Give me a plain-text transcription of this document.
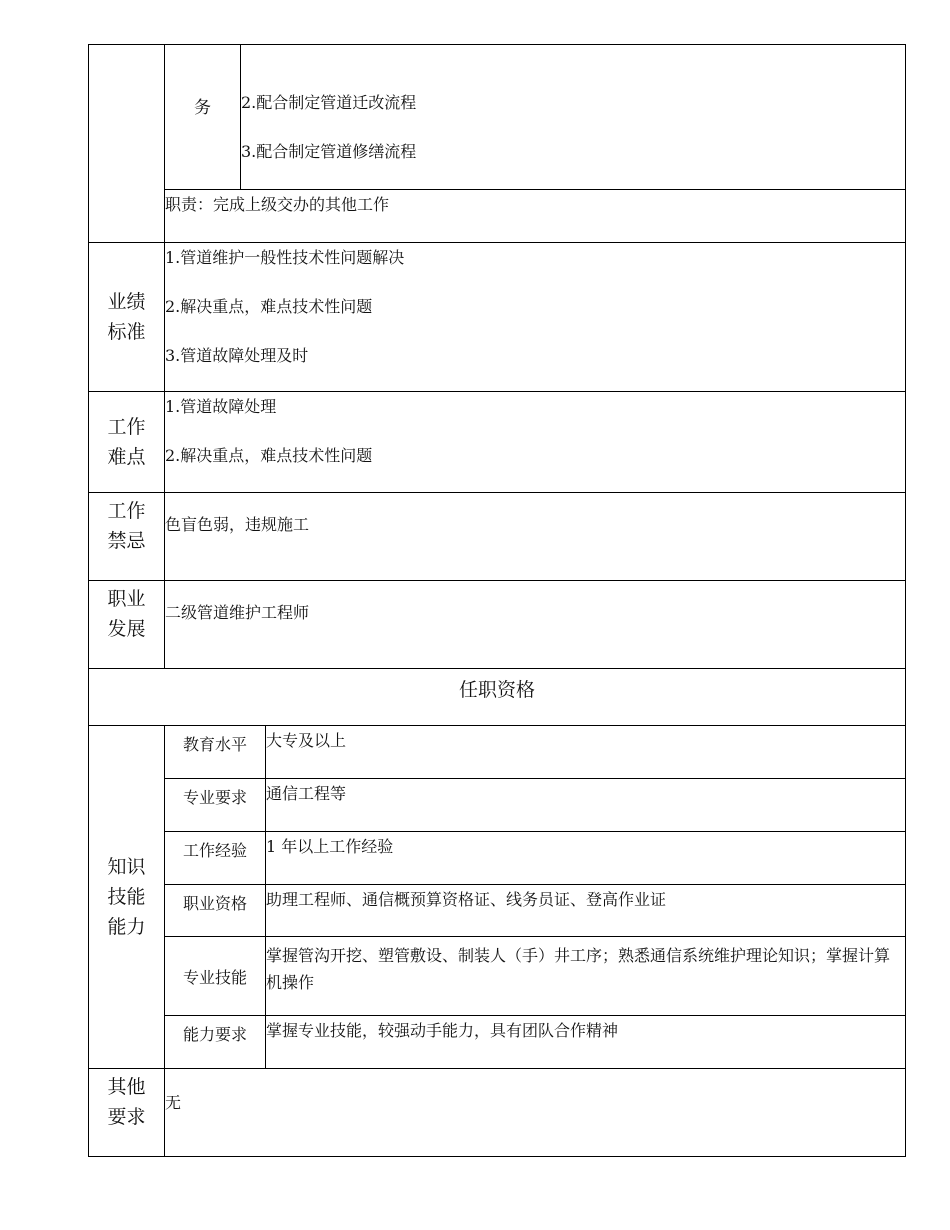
	务	2.配合制定管道迁改流程
3.配合制定管道修缮流程	

	职责：完成上级交办的其他工作		

业绩标准	1.管道维护一般性技术性问题解决
2.解决重点，难点技术性问题
3.管道故障处理及时		

工作难点	1.管道故障处理
2.解决重点，难点技术性问题		

工作禁忌	色盲色弱，违规施工		

职业发展	二级管道维护工程师		

任职资格			
知识技能能力	教育水平		大专及以上

	专业要求		通信工程等

	工作经验		1 年以上工作经验

	职业资格		助理工程师、通信概预算资格证、线务员证、登高作业证

	专业技能		掌握管沟开挖、塑管敷设、制装人（手）井工序；熟悉通信系统维护理论知识；掌握计算机操作

	能力要求		掌握专业技能，较强动手能力，具有团队合作精神

其他要求	无		
